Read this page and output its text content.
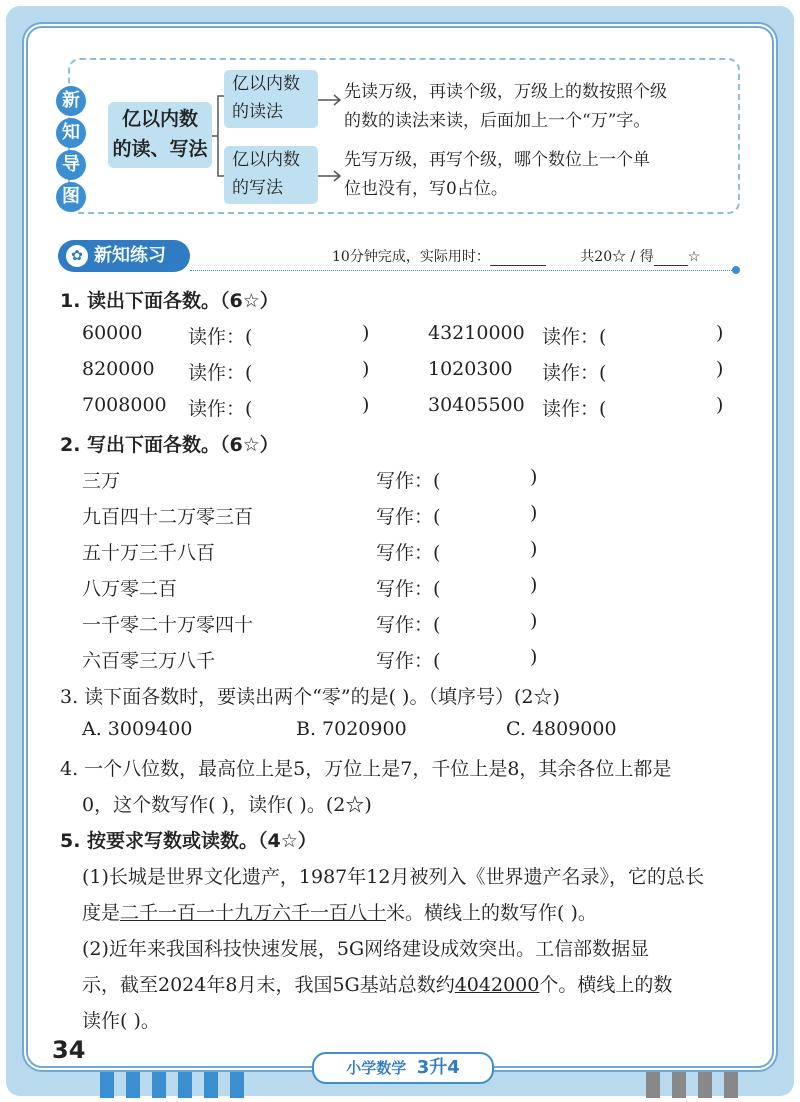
新
知
导
图
亿以内数
的读、写法
亿以内数
的读法
亿以内数
的写法
先读万级，再读个级，万级上的数按照个级
的数的读法来读，后面加上一个“万”字。
先写万级，再写个级，哪个数位上一个单
位也没有，写0占位。
✿ 新知练习	10分钟完成，实际用时：	共20☆ / 得 ☆
1. 读出下面各数。（6☆）
60000 读作：(	)	43210000 读作：(	)
820000 读作：(	)	1020300 读作：(	)
7008000 读作：(	)	30405500 读作：(	)
2. 写出下面各数。（6☆）
三万	写作：(	)
九百四十二万零三百	写作：(	)
五十万三千八百	写作：(	)
八万零二百	写作：(	)
一千零二十万零四十	写作：(	)
六百零三万八千	写作：(	)
3. 读下面各数时，要读出两个“零”的是( )。（填序号）(2☆)
A. 3009400	B. 7020900	C. 4809000
4. 一个八位数，最高位上是5，万位上是7，千位上是8，其余各位上都是
0，这个数写作( )，读作( )。(2☆)
5. 按要求写数或读数。（4☆）
(1)长城是世界文化遗产，1987年12月被列入《世界遗产名录》，它的总长
度是二千一百一十九万六千一百八十米。横线上的数写作( )。
(2)近年来我国科技快速发展，5G网络建设成效突出。工信部数据显
示，截至2024年8月末，我国5G基站总数约4042000个。横线上的数
读作( )。
34
小学数学 3升4
